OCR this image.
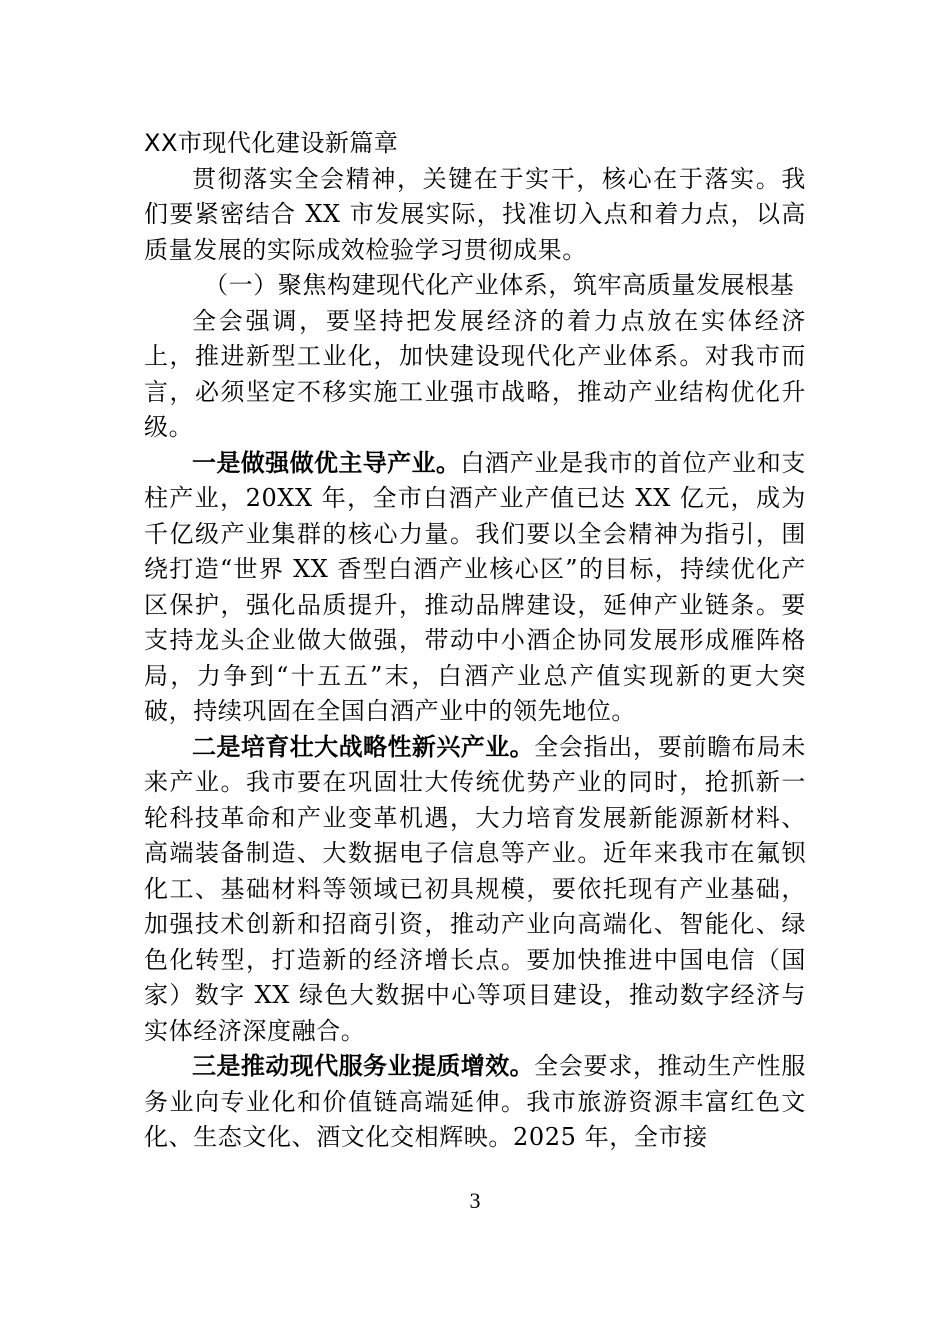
XX市现代化建设新篇章

贯彻落实全会精神，关键在于实干，核心在于落实。我们要紧密结合 XX 市发展实际，找准切入点和着力点，以高质量发展的实际成效检验学习贯彻成果。

（一）聚焦构建现代化产业体系，筑牢高质量发展根基

全会强调，要坚持把发展经济的着力点放在实体经济上，推进新型工业化，加快建设现代化产业体系。对我市而言，必须坚定不移实施工业强市战略，推动产业结构优化升级。

一是做强做优主导产业。白酒产业是我市的首位产业和支柱产业，20XX 年，全市白酒产业产值已达 XX 亿元，成为千亿级产业集群的核心力量。我们要以全会精神为指引，围绕打造“世界 XX 香型白酒产业核心区”的目标，持续优化产区保护，强化品质提升，推动品牌建设，延伸产业链条。要支持龙头企业做大做强，带动中小酒企协同发展形成雁阵格局，力争到“十五五”末，白酒产业总产值实现新的更大突破，持续巩固在全国白酒产业中的领先地位。

二是培育壮大战略性新兴产业。全会指出，要前瞻布局未来产业。我市要在巩固壮大传统优势产业的同时，抢抓新一轮科技革命和产业变革机遇，大力培育发展新能源新材料、高端装备制造、大数据电子信息等产业。近年来我市在氟钡化工、基础材料等领域已初具规模，要依托现有产业基础，加强技术创新和招商引资，推动产业向高端化、智能化、绿色化转型，打造新的经济增长点。要加快推进中国电信（国家）数字 XX 绿色大数据中心等项目建设，推动数字经济与实体经济深度融合。

三是推动现代服务业提质增效。全会要求，推动生产性服务业向专业化和价值链高端延伸。我市旅游资源丰富红色文化、生态文化、酒文化交相辉映。2025 年，全市接

3
